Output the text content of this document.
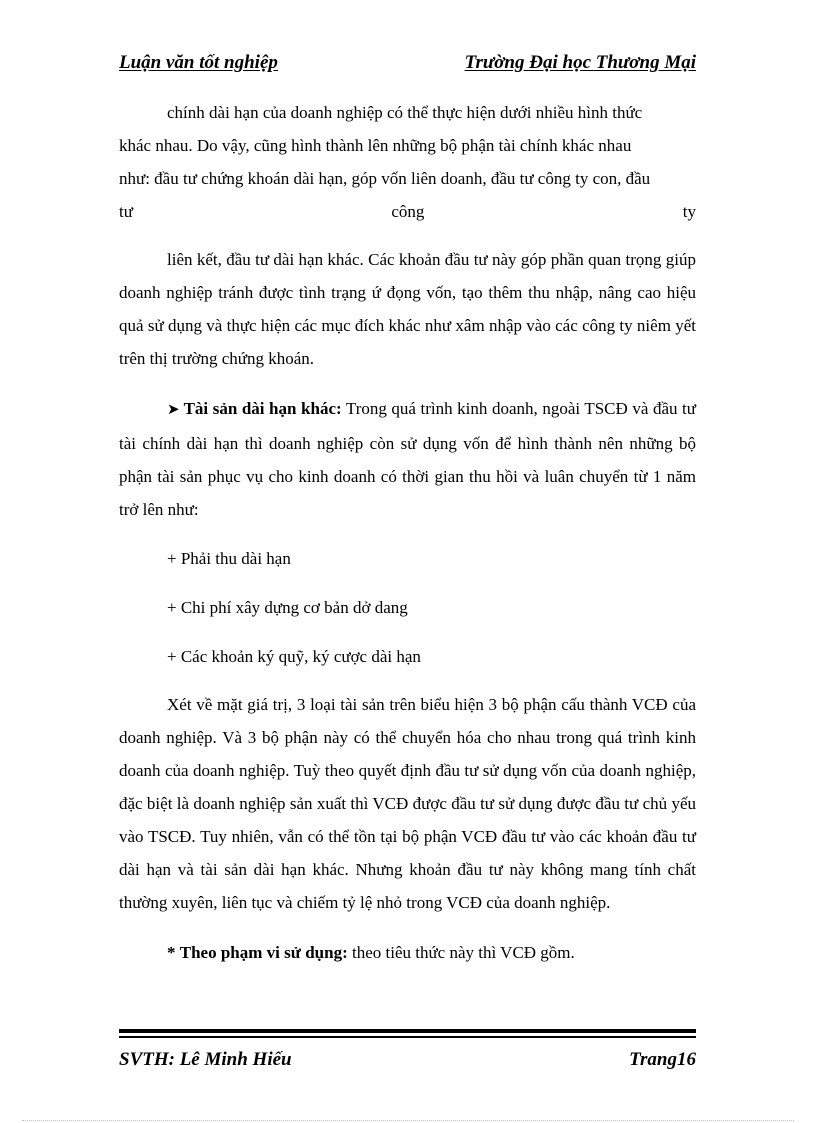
Luận văn tốt nghiệp	Trường Đại học Thương Mại

chính dài hạn của doanh nghiệp có thể thực hiện dưới nhiều hình thức

khác nhau. Do vậy, cũng hình thành lên những bộ phận tài chính khác nhau

như: đầu tư chứng khoán dài hạn, góp vốn liên doanh, đầu tư công ty con, đầu

tư	công	ty

liên kết, đầu tư dài hạn khác. Các khoản đầu tư này góp phần quan trọng giúp doanh nghiệp tránh được tình trạng ứ đọng vốn, tạo thêm thu nhập, nâng cao hiệu quả sử dụng và thực hiện các mục đích khác như xâm nhập vào các công ty niêm yết trên thị trường chứng khoán.

➤ Tài sản dài hạn khác: Trong quá trình kinh doanh, ngoài TSCĐ và đầu tư tài chính dài hạn thì doanh nghiệp còn sử dụng vốn để hình thành nên những bộ phận tài sản phục vụ cho kinh doanh có thời gian thu hồi và luân chuyển từ 1 năm trở lên như:

+ Phải thu dài hạn
+ Chi phí xây dựng cơ bản dở dang
+ Các khoản ký quỹ, ký cược dài hạn

Xét về mặt giá trị, 3 loại tài sản trên biểu hiện 3 bộ phận cấu thành VCĐ của doanh nghiệp. Và 3 bộ phận này có thể chuyển hóa cho nhau trong quá trình kinh doanh của doanh nghiệp. Tuỳ theo quyết định đầu tư sử dụng vốn của doanh nghiệp, đặc biệt là doanh nghiệp sản xuất thì VCĐ được đầu tư sử dụng được đầu tư chủ yếu vào TSCĐ. Tuy nhiên, vẫn có thể tồn tại bộ phận VCĐ đầu tư vào các khoản đầu tư dài hạn và tài sản dài hạn khác. Nhưng khoản đầu tư này không mang tính chất thường xuyên, liên tục và chiếm tỷ lệ nhỏ trong VCĐ của doanh nghiệp.

* Theo phạm vi sử dụng: theo tiêu thức này thì VCĐ gồm.

SVTH: Lê Minh Hiếu	Trang16
